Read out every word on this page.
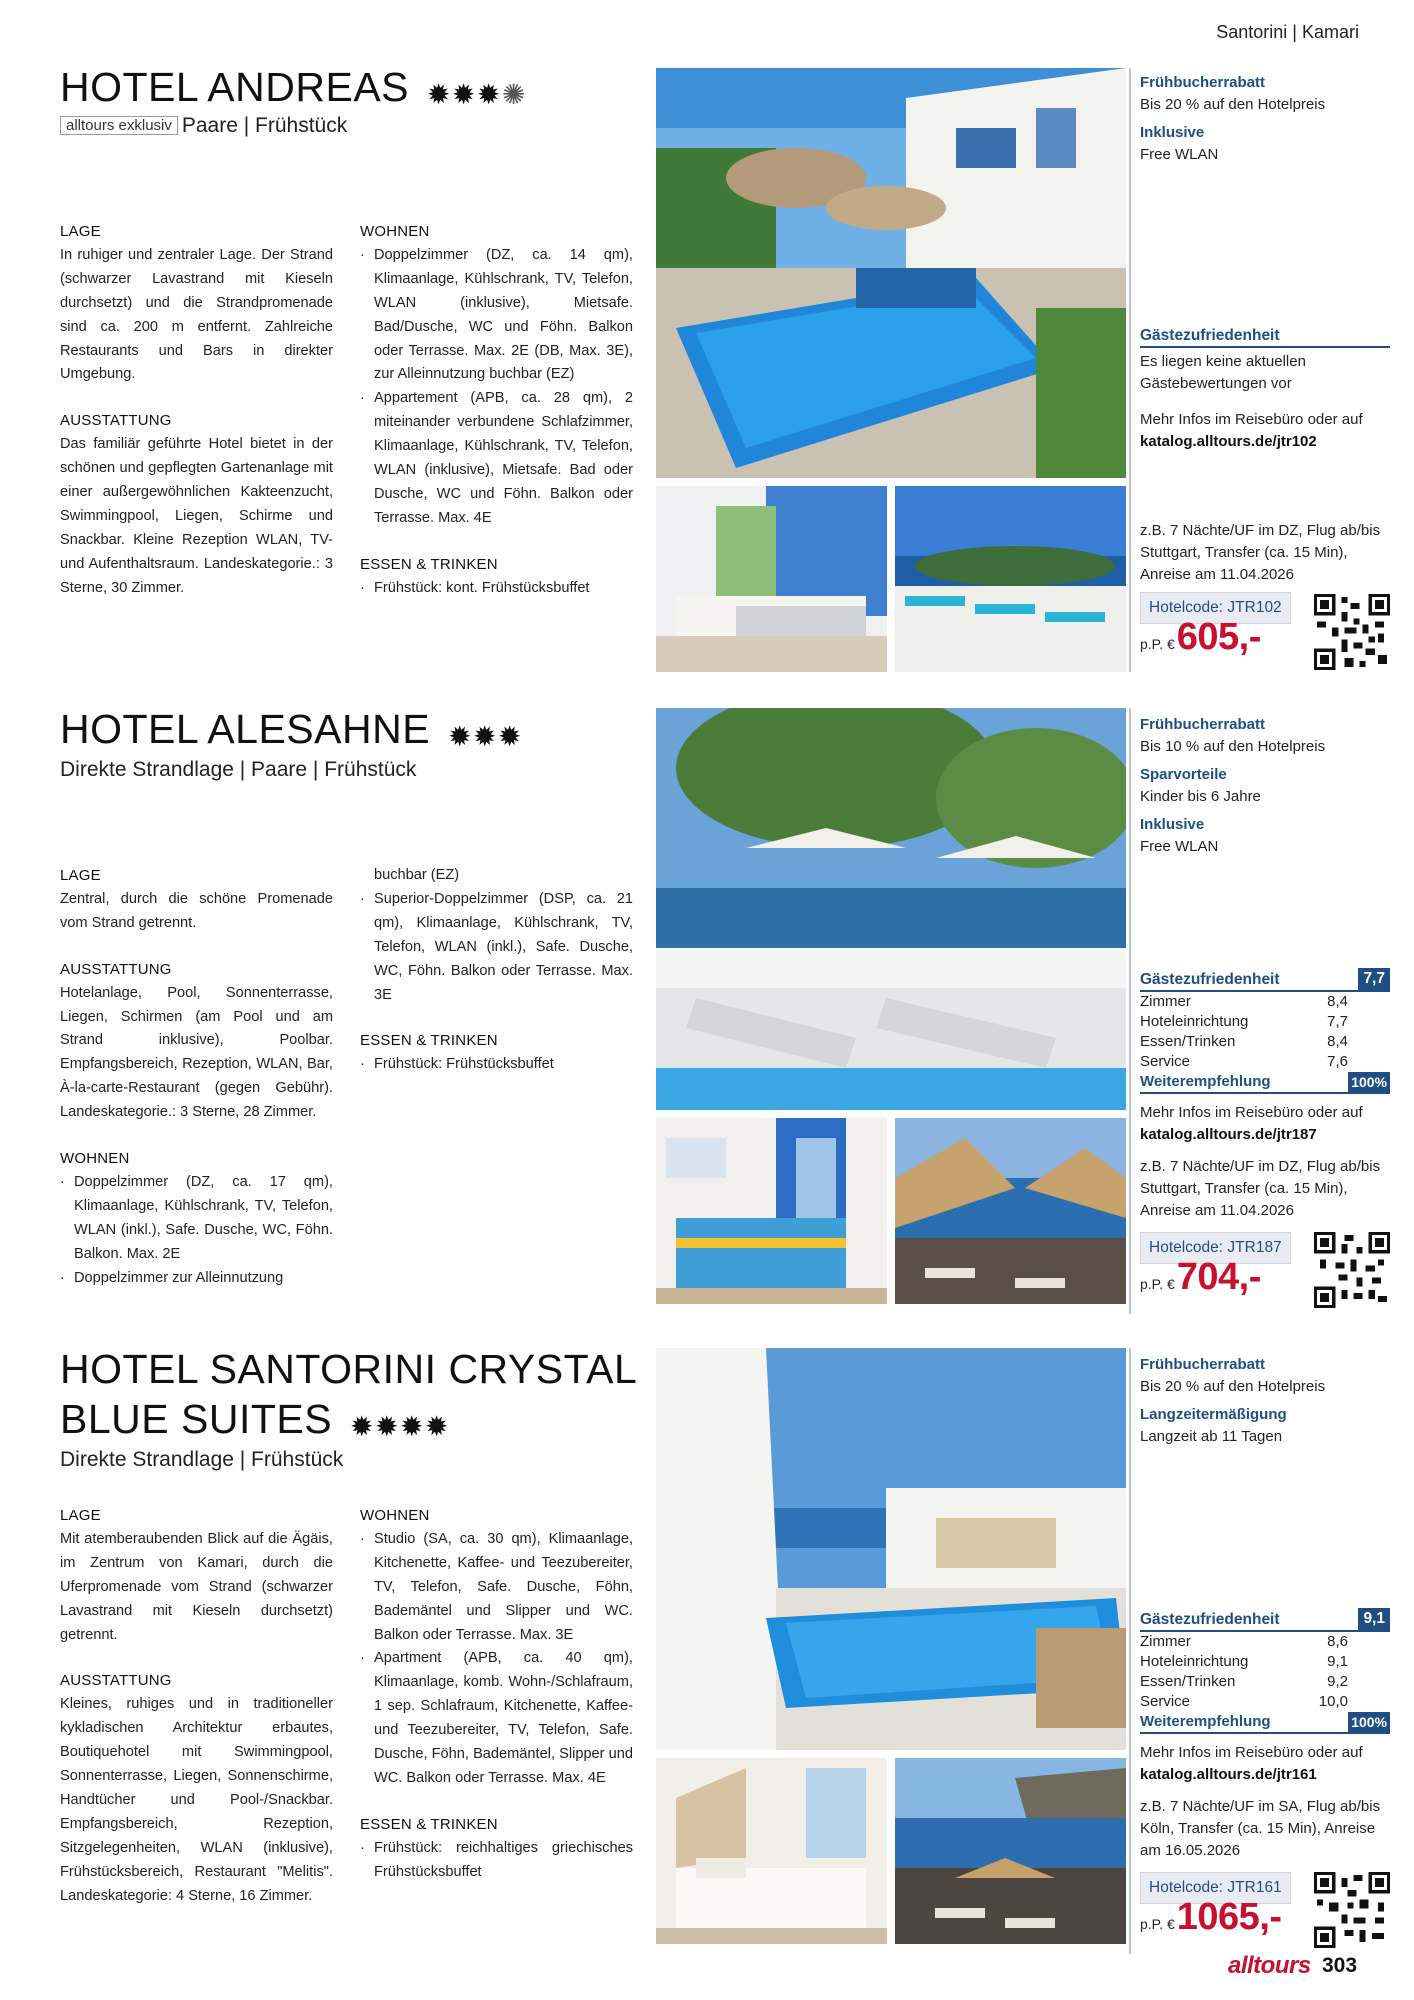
Santorini | Kamari
HOTEL ANDREAS ✹✹✹✺
alltours exklusiv Paare | Frühstück
LAGE

In ruhiger und zentraler Lage. Der Strand (schwarzer Lavastrand mit Kieseln durchsetzt) und die Strandpromenade sind ca. 200 m entfernt. Zahlreiche Restaurants und Bars in direkter Umgebung.

AUSSTATTUNG

Das familiär geführte Hotel bietet in der schönen und gepflegten Gartenanlage mit einer außergewöhnlichen Kakteenzucht, Swimmingpool, Liegen, Schirme und Snackbar. Kleine Rezeption WLAN, TV- und Aufenthaltsraum. Landeskategorie.: 3 Sterne, 30 Zimmer.

WOHNEN
· Doppelzimmer (DZ, ca. 14 qm), Klimaanlage, Kühlschrank, TV, Telefon, WLAN (inklusive), Mietsafe. Bad/Dusche, WC und Föhn. Balkon oder Terrasse. Max. 2E (DB, Max. 3E), zur Alleinnutzung buchbar (EZ)
· Appartement (APB, ca. 28 qm), 2 miteinander verbundene Schlafzimmer, Klimaanlage, Kühlschrank, TV, Telefon, WLAN (inklusive), Mietsafe. Bad oder Dusche, WC und Föhn. Balkon oder Terrasse. Max. 4E
ESSEN & TRINKEN
· Frühstück: kont. Frühstücksbuffet
Frühbucherrabatt
Bis 20 % auf den Hotelpreis
Inklusive
Free WLAN
Gästezufriedenheit
Es liegen keine aktuellen Gästebewertungen vor
Mehr Infos im Reisebüro oder auf
katalog.alltours.de/jtr102
z.B. 7 Nächte/UF im DZ, Flug ab/bis Stuttgart, Transfer (ca. 15 Min), Anreise am 11.04.2026
Hotelcode: JTR102
p.P. €605,-
HOTEL ALESAHNE ✹✹✹
Direkte Strandlage | Paare | Frühstück
LAGE

Zentral, durch die schöne Promenade vom Strand getrennt.

AUSSTATTUNG

Hotelanlage, Pool, Sonnenterrasse, Liegen, Schirmen (am Pool und am Strand inklusive), Poolbar. Empfangsbereich, Rezeption, WLAN, Bar, À-la-carte-Restaurant (gegen Gebühr). Landeskategorie.: 3 Sterne, 28 Zimmer.

WOHNEN
· Doppelzimmer (DZ, ca. 17 qm), Klimaanlage, Kühlschrank, TV, Telefon, WLAN (inkl.), Safe. Dusche, WC, Föhn. Balkon. Max. 2E
· Doppelzimmer zur Alleinnutzung
buchbar (EZ)
· Superior-Doppelzimmer (DSP, ca. 21 qm), Klimaanlage, Kühlschrank, TV, Telefon, WLAN (inkl.), Safe. Dusche, WC, Föhn. Balkon oder Terrasse. Max. 3E
ESSEN & TRINKEN
· Frühstück: Frühstücksbuffet
Frühbucherrabatt
Bis 10 % auf den Hotelpreis
Sparvorteile
Kinder bis 6 Jahre
Inklusive
Free WLAN
Gästezufriedenheit	7,7
Zimmer	8,4
Hoteleinrichtung	7,7
Essen/Trinken	8,4
Service	7,6
Weiterempfehlung	100%
Mehr Infos im Reisebüro oder auf
katalog.alltours.de/jtr187
z.B. 7 Nächte/UF im DZ, Flug ab/bis Stuttgart, Transfer (ca. 15 Min), Anreise am 11.04.2026
Hotelcode: JTR187
p.P. €704,-
HOTEL SANTORINI CRYSTAL
BLUE SUITES ✹✹✹✹
Direkte Strandlage | Frühstück
LAGE

Mit atemberaubenden Blick auf die Ägäis, im Zentrum von Kamari, durch die Uferpromenade vom Strand (schwarzer Lavastrand mit Kieseln durchsetzt) getrennt.

AUSSTATTUNG

Kleines, ruhiges und in traditioneller kykladischen Architektur erbautes, Boutiquehotel mit Swimmingpool, Sonnenterrasse, Liegen, Sonnenschirme, Handtücher und Pool-/Snackbar. Empfangsbereich, Rezeption, Sitzgelegenheiten, WLAN (inklusive), Frühstücksbereich, Restaurant "Melitis". Landeskategorie: 4 Sterne, 16 Zimmer.

WOHNEN
· Studio (SA, ca. 30 qm), Klimaanlage, Kitchenette, Kaffee- und Teezubereiter, TV, Telefon, Safe. Dusche, Föhn, Bademäntel und Slipper und WC. Balkon oder Terrasse. Max. 3E
· Apartment (APB, ca. 40 qm), Klimaanlage, komb. Wohn-/Schlafraum, 1 sep. Schlafraum, Kitchenette, Kaffee- und Teezubereiter, TV, Telefon, Safe. Dusche, Föhn, Bademäntel, Slipper und WC. Balkon oder Terrasse. Max. 4E
ESSEN & TRINKEN
· Frühstück: reichhaltiges griechisches Frühstücksbuffet
Frühbucherrabatt
Bis 20 % auf den Hotelpreis
Langzeitermäßigung
Langzeit ab 11 Tagen
Gästezufriedenheit	9,1
Zimmer	8,6
Hoteleinrichtung	9,1
Essen/Trinken	9,2
Service	10,0
Weiterempfehlung	100%
Mehr Infos im Reisebüro oder auf
katalog.alltours.de/jtr161
z.B. 7 Nächte/UF im SA, Flug ab/bis Köln, Transfer (ca. 15 Min), Anreise am 16.05.2026
Hotelcode: JTR161
p.P. €1065,-
alltours 303
